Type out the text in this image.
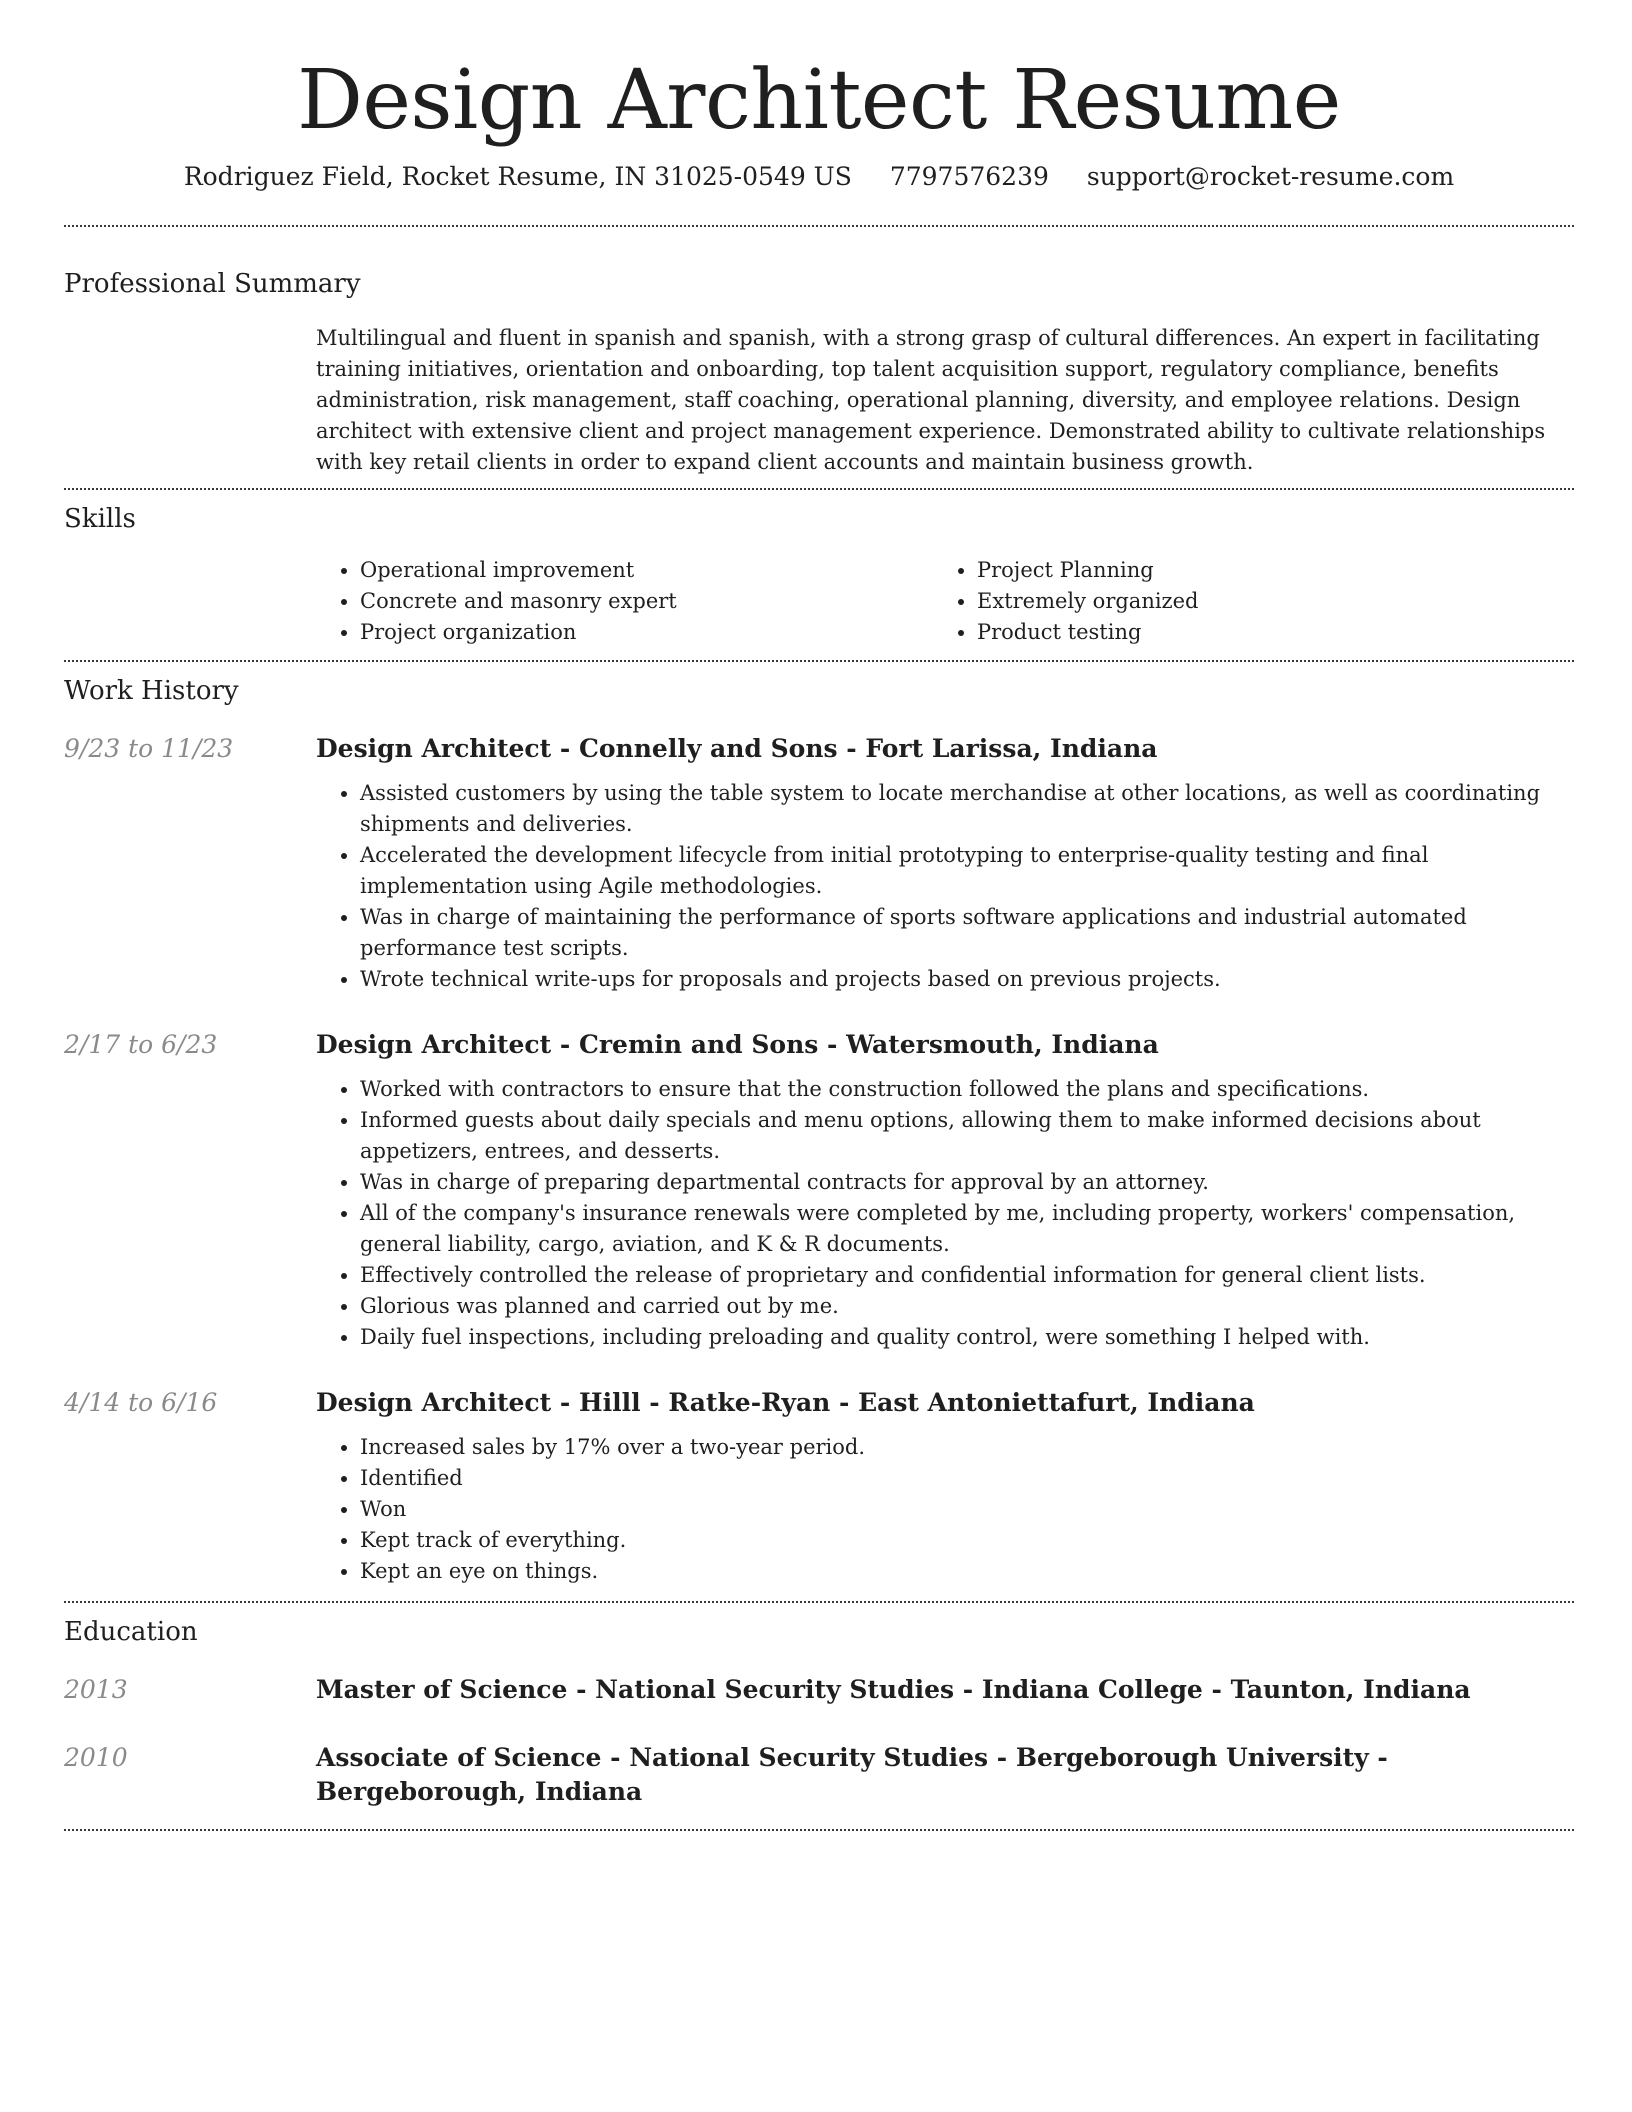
Design Architect Resume
Rodriguez Field, Rocket Resume, IN 31025-0549 US 7797576239 support@rocket-resume.com
Professional Summary

Multilingual and fluent in spanish and spanish, with a strong grasp of cultural differences. An expert in facilitating training initiatives, orientation and onboarding, top talent acquisition support, regulatory compliance, benefits administration, risk management, staff coaching, operational planning, diversity, and employee relations. Design architect with extensive client and project management experience. Demonstrated ability to cultivate relationships with key retail clients in order to expand client accounts and maintain business growth.

Skills
• Operational improvement
• Concrete and masonry expert
• Project organization
• Project Planning
• Extremely organized
• Product testing
Work History
9/23 to 11/23	Design Architect - Connelly and Sons - Fort Larissa, Indiana
• Assisted customers by using the table system to locate merchandise at other locations, as well as coordinating shipments and deliveries.
• Accelerated the development lifecycle from initial prototyping to enterprise-quality testing and final implementation using Agile methodologies.
• Was in charge of maintaining the performance of sports software applications and industrial automated performance test scripts.
• Wrote technical write-ups for proposals and projects based on previous projects.
2/17 to 6/23	Design Architect - Cremin and Sons - Watersmouth, Indiana
• Worked with contractors to ensure that the construction followed the plans and specifications.
• Informed guests about daily specials and menu options, allowing them to make informed decisions about appetizers, entrees, and desserts.
• Was in charge of preparing departmental contracts for approval by an attorney.
• All of the company's insurance renewals were completed by me, including property, workers' compensation, general liability, cargo, aviation, and K & R documents.
• Effectively controlled the release of proprietary and confidential information for general client lists.
• Glorious was planned and carried out by me.
• Daily fuel inspections, including preloading and quality control, were something I helped with.
4/14 to 6/16	Design Architect - Hilll - Ratke-Ryan - East Antoniettafurt, Indiana
• Increased sales by 17% over a two-year period.
• Identified
• Won
• Kept track of everything.
• Kept an eye on things.
Education
2013	Master of Science - National Security Studies - Indiana College - Taunton, Indiana
2010	Associate of Science - National Security Studies - Bergeborough University - Bergeborough, Indiana
